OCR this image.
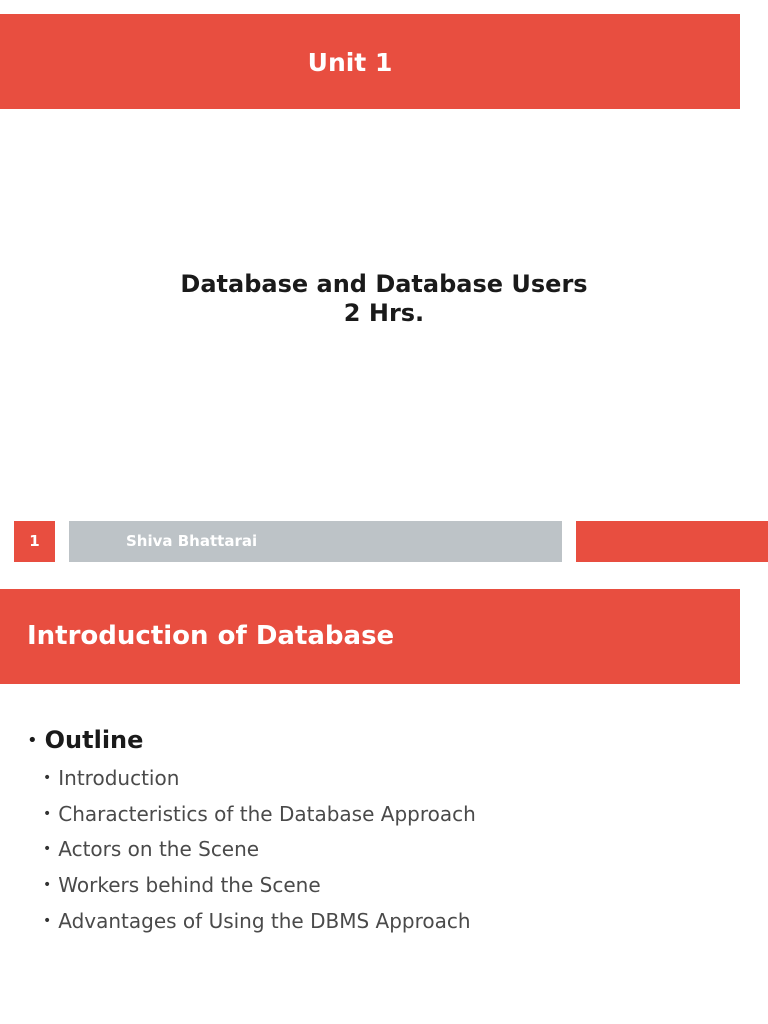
Unit 1
Database and Database Users
2 Hrs.
1	Shiva Bhattarai
Introduction of Database
• Outline
• Introduction
• Characteristics of the Database Approach
• Actors on the Scene
• Workers behind the Scene
• Advantages of Using the DBMS Approach
